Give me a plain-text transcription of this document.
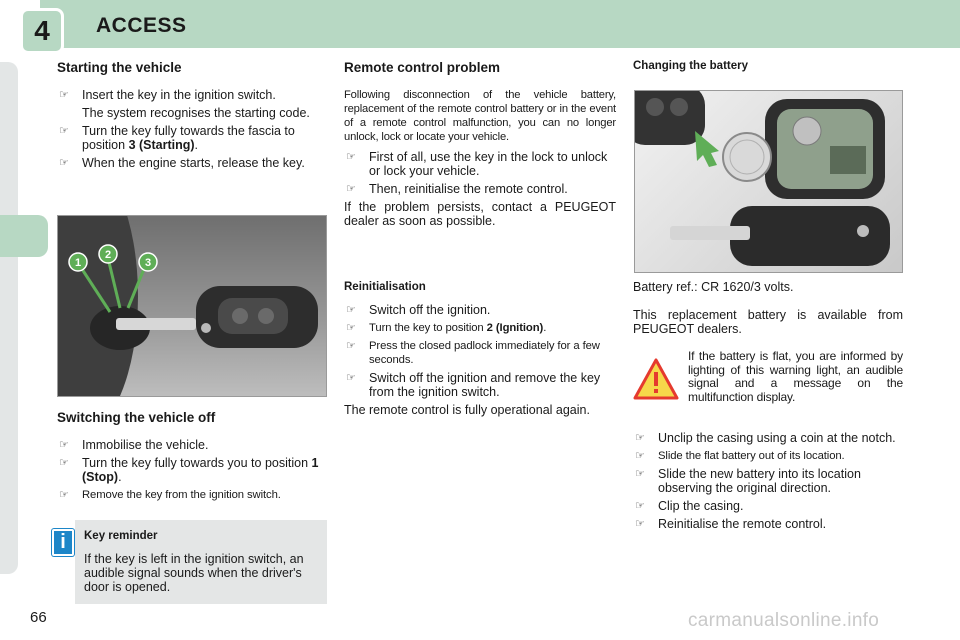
4	ACCESS
Starting the vehicle
☞ Insert the key in the ignition switch.

The system recognises the starting code.

☞ Turn the key fully towards the fascia to position 3 (Starting).
☞ When the engine starts, release the key.
1
2
3
Switching the vehicle off
☞ Immobilise the vehicle.
☞ Turn the key fully towards you to position 1 (Stop).
☞ Remove the key from the ignition switch.
i	Key reminder

If the key is left in the ignition switch, an audible signal sounds when the driver's door is opened.

Remote control problem

Following disconnection of the vehicle battery, replacement of the remote control battery or in the event of a remote control malfunction, you can no longer unlock, lock or locate your vehicle.

☞ First of all, use the key in the lock to unlock or lock your vehicle.
☞ Then, reinitialise the remote control.

If the problem persists, contact a PEUGEOT dealer as soon as possible.

Reinitialisation
☞ Switch off the ignition.
☞ Turn the key to position 2 (Ignition).
☞ Press the closed padlock immediately for a few seconds.
☞ Switch off the ignition and remove the key from the ignition switch.

The remote control is fully operational again.

Changing the battery

Battery ref.: CR 1620/3 volts.

This replacement battery is available from PEUGEOT dealers.

If the battery is flat, you are informed by lighting of this warning light, an audible signal and a message on the multifunction display.

☞ Unclip the casing using a coin at the notch.
☞ Slide the flat battery out of its location.
☞ Slide the new battery into its location observing the original direction.
☞ Clip the casing.
☞ Reinitialise the remote control.
66	carmanualsonline.info
